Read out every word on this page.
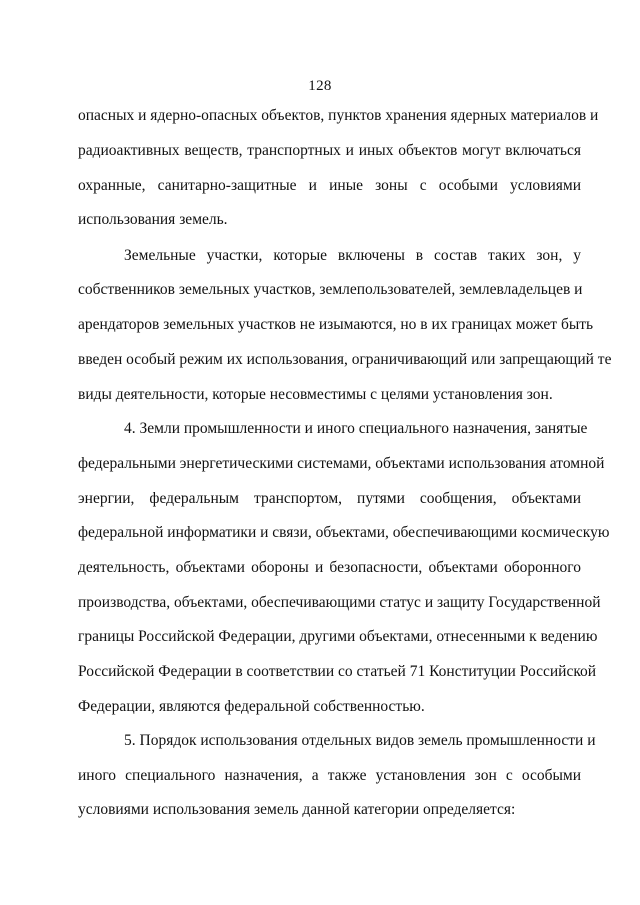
128
опасных и ядерно-опасных объектов, пунктов хранения ядерных материалов и
радиоактивных веществ, транспортных и иных объектов могут включаться
охранные, санитарно-защитные и иные зоны с особыми условиями
использования земель.
Земельные участки, которые включены в состав таких зон, у
собственников земельных участков, землепользователей, землевладельцев и
арендаторов земельных участков не изымаются, но в их границах может быть
введен особый режим их использования, ограничивающий или запрещающий те
виды деятельности, которые несовместимы с целями установления зон.
4. Земли промышленности и иного специального назначения, занятые
федеральными энергетическими системами, объектами использования атомной
энергии, федеральным транспортом, путями сообщения, объектами
федеральной информатики и связи, объектами, обеспечивающими космическую
деятельность, объектами обороны и безопасности, объектами оборонного
производства, объектами, обеспечивающими статус и защиту Государственной
границы Российской Федерации, другими объектами, отнесенными к ведению
Российской Федерации в соответствии со статьей 71 Конституции Российской
Федерации, являются федеральной собственностью.
5. Порядок использования отдельных видов земель промышленности и
иного специального назначения, а также установления зон с особыми
условиями использования земель данной категории определяется:
